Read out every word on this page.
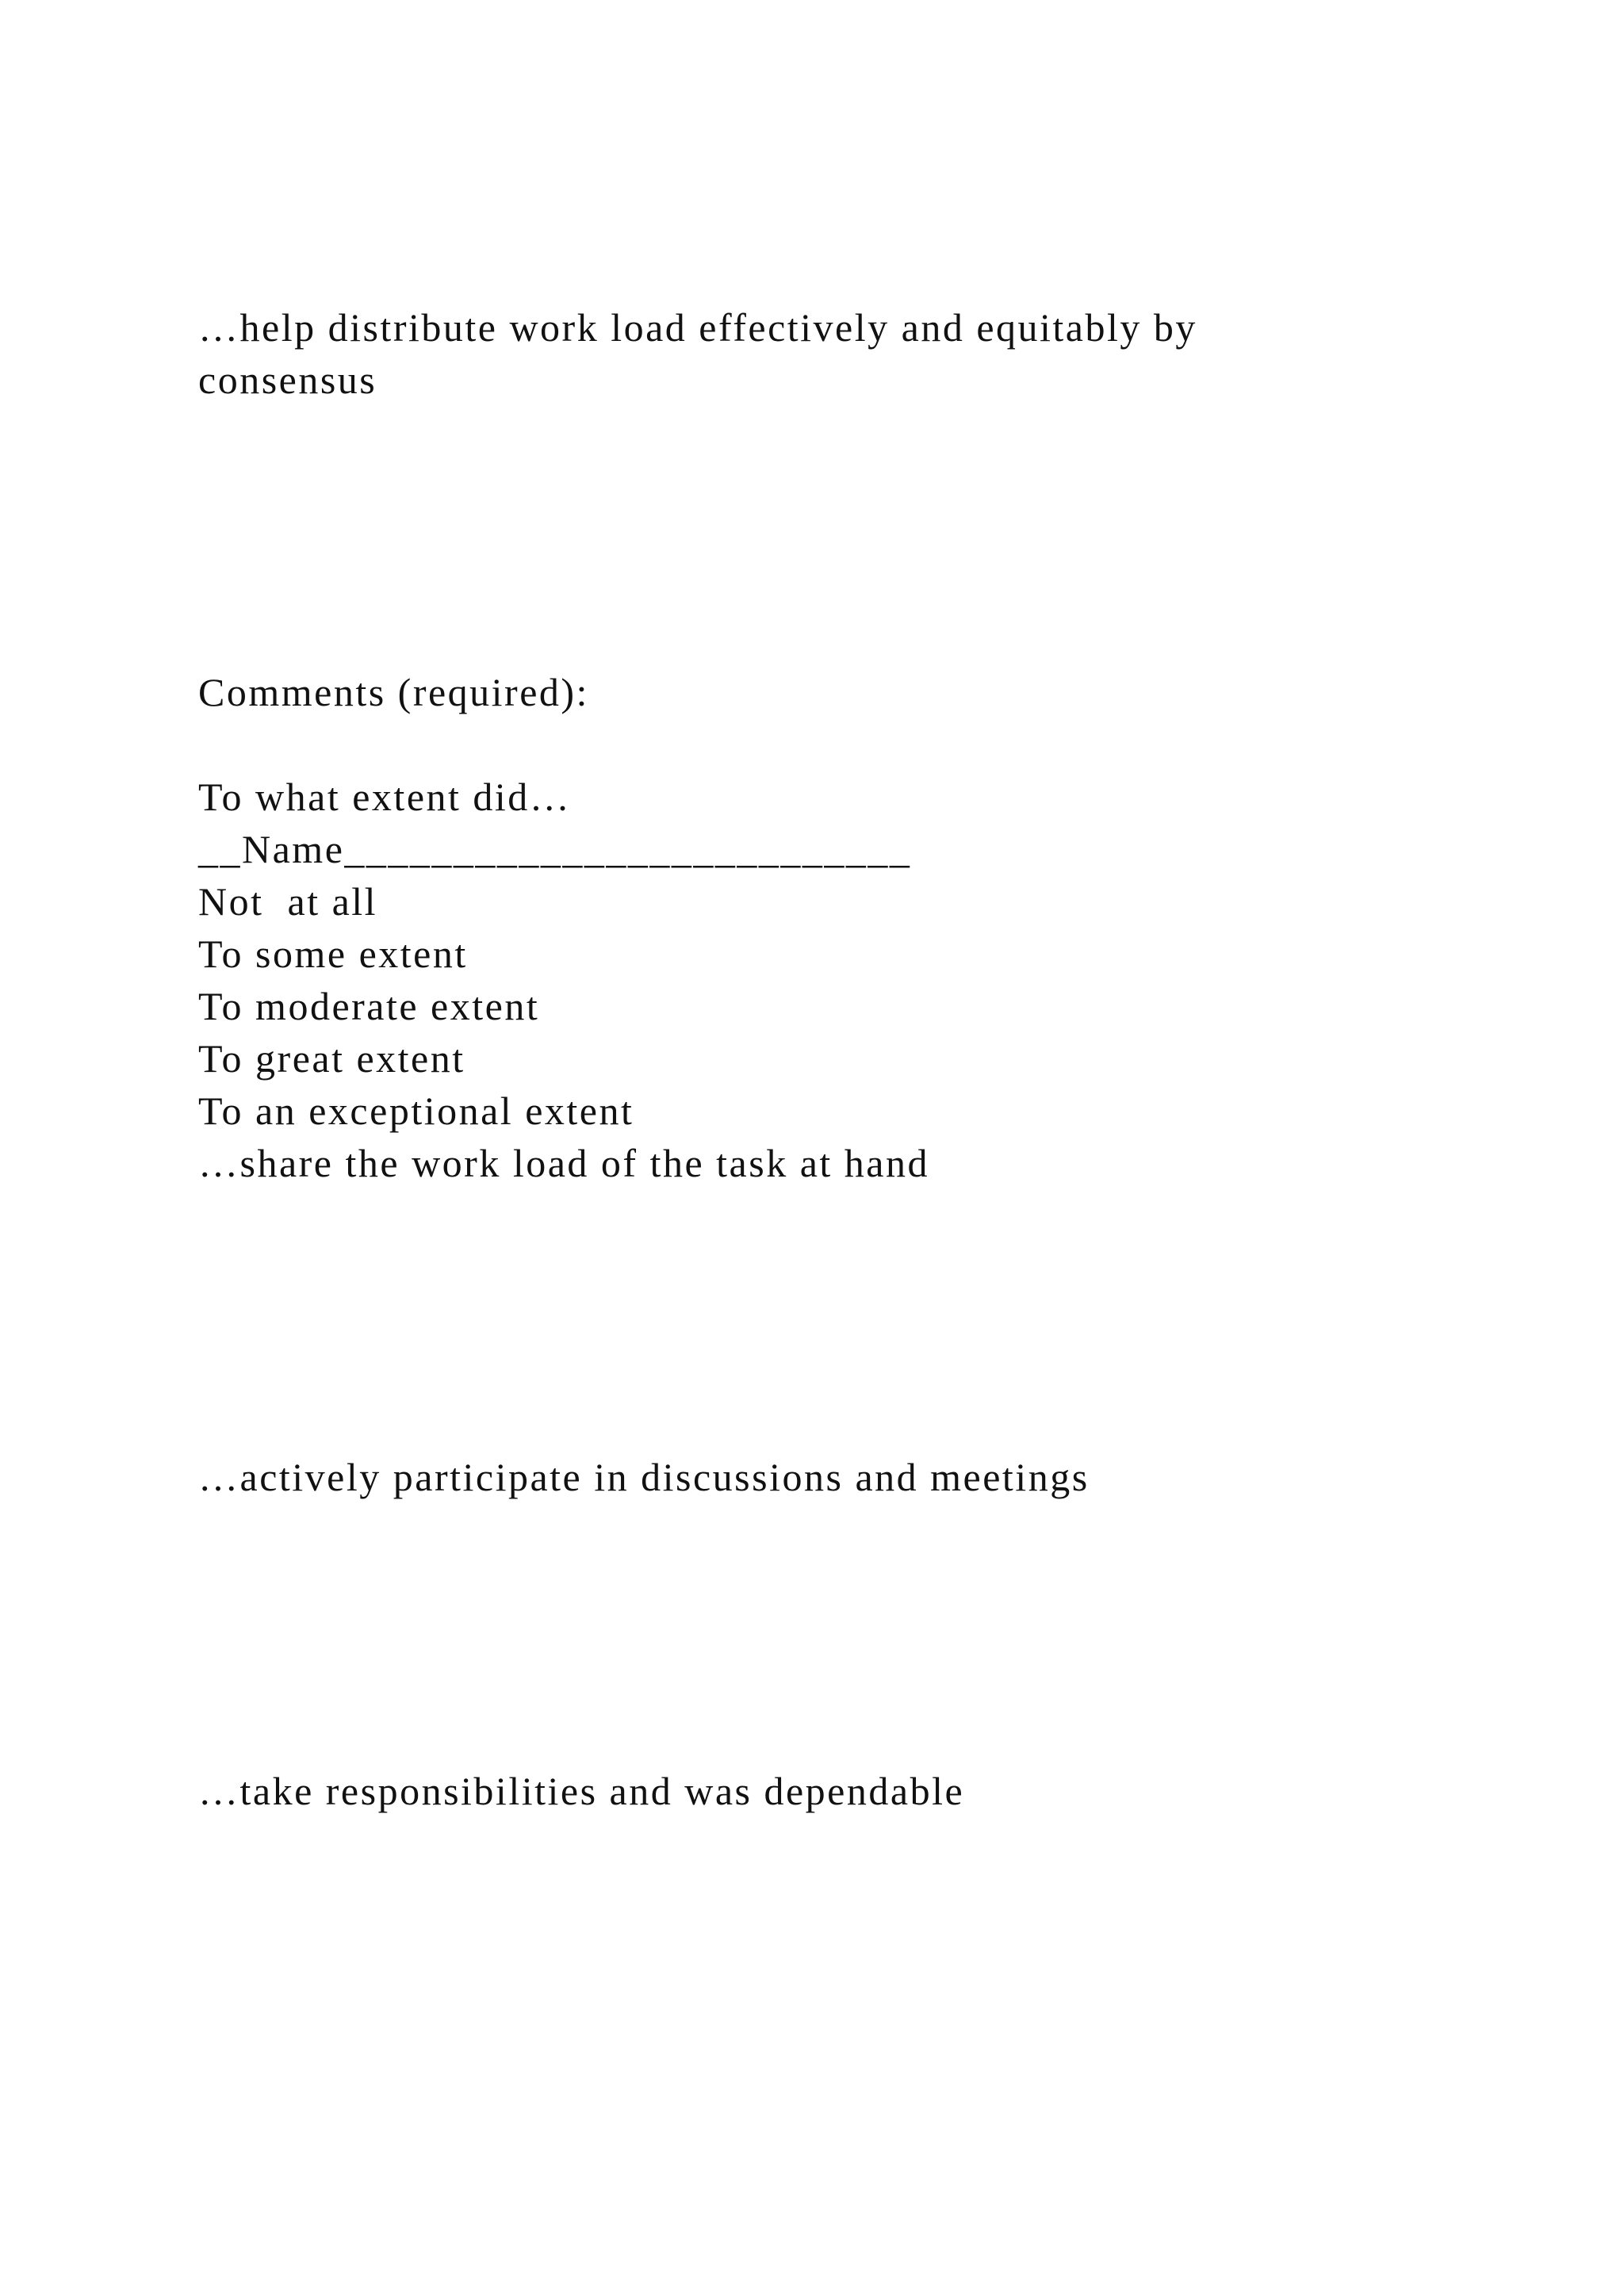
…help distribute work load effectively and equitably by

consensus

Comments (required):

To what extent did…

__Name__________________________

Not  at all

To some extent

To moderate extent

To great extent

To an exceptional extent

…share the work load of the task at hand

…actively participate in discussions and meetings

…take responsibilities and was dependable
